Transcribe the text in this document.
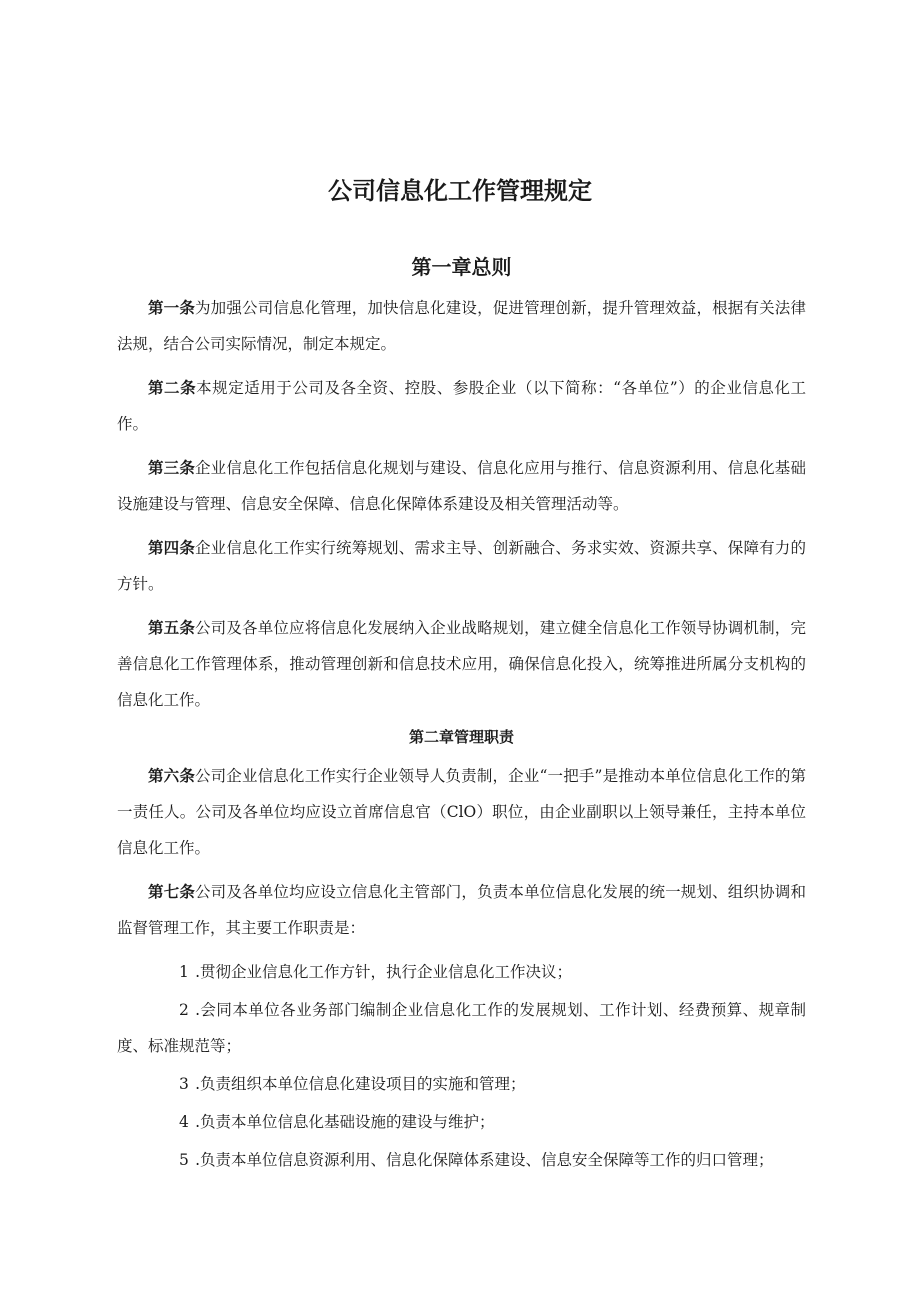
公司信息化工作管理规定
第一章总则

第一条为加强公司信息化管理，加快信息化建设，促进管理创新，提升管理效益，根据有关法律法规，结合公司实际情况，制定本规定。

第二条本规定适用于公司及各全资、控股、参股企业（以下简称：“各单位”）的企业信息化工作。

第三条企业信息化工作包括信息化规划与建设、信息化应用与推行、信息资源利用、信息化基础设施建设与管理、信息安全保障、信息化保障体系建设及相关管理活动等。

第四条企业信息化工作实行统筹规划、需求主导、创新融合、务求实效、资源共享、保障有力的方针。

第五条公司及各单位应将信息化发展纳入企业战略规划，建立健全信息化工作领导协调机制，完善信息化工作管理体系，推动管理创新和信息技术应用，确保信息化投入，统筹推进所属分支机构的信息化工作。

第二章管理职责

第六条公司企业信息化工作实行企业领导人负责制，企业“一把手”是推动本单位信息化工作的第一责任人。公司及各单位均应设立首席信息官（ClO）职位，由企业副职以上领导兼任，主持本单位信息化工作。

第七条公司及各单位均应设立信息化主管部门，负责本单位信息化发展的统一规划、组织协调和监督管理工作，其主要工作职责是：

1 .贯彻企业信息化工作方针，执行企业信息化工作决议；

2 .会同本单位各业务部门编制企业信息化工作的发展规划、工作计划、经费预算、规章制度、标准规范等；

3 .负责组织本单位信息化建设项目的实施和管理；

4 .负责本单位信息化基础设施的建设与维护；

5 .负责本单位信息资源利用、信息化保障体系建设、信息安全保障等工作的归口管理；
